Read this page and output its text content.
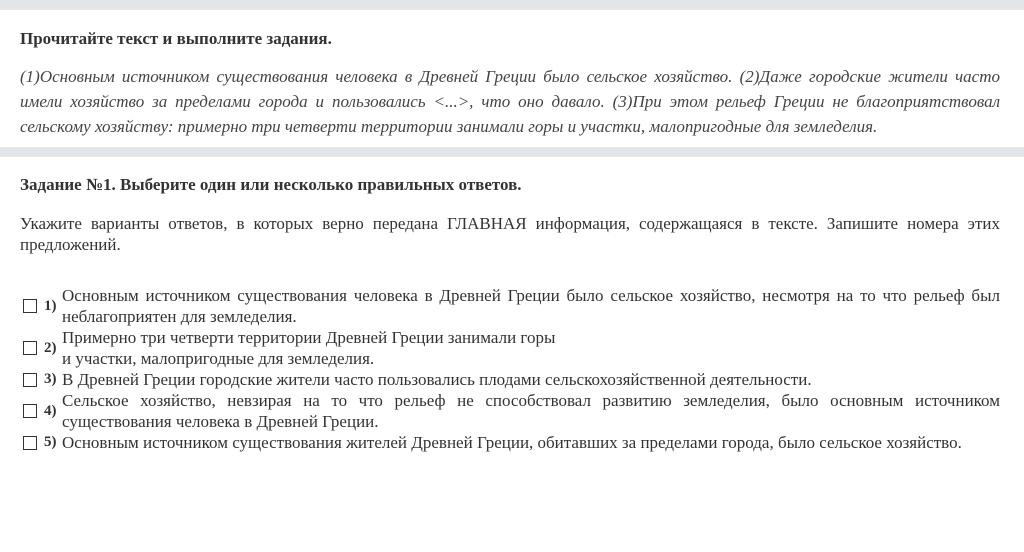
Прочитайте текст и выполните задания.

(1)Основным источником существования человека в Древней Греции было сельское хозяйство. (2)Даже городские жители часто имели хозяйство за пределами города и пользовались <...>, что оно давало. (3)При этом рельеф Греции не благоприятствовал сельскому хозяйству: примерно три четверти территории занимали горы и участки, малопригодные для земледелия.

Задание №1. Выберите один или несколько правильных ответов.

Укажите варианты ответов, в которых верно передана ГЛАВНАЯ информация, содержащаяся в тексте. Запишите номера этих предложений.
1)
Основным источником существования человека в Древней Греции было сельское хозяйство, несмотря на то что рельеф был неблагоприятен для земледелия.
2)
Примерно три четверти территории Древней Греции занимали горы
и участки, малопригодные для земледелия.
3) В Древней Греции городские жители часто пользовались плодами сельскохозяйственной деятельности.
4)
Сельское хозяйство, невзирая на то что рельеф не способствовал развитию земледелия, было основным источником существования человека в Древней Греции.
5) Основным источником существования жителей Древней Греции, обитавших за пределами города, было сельское хозяйство.
